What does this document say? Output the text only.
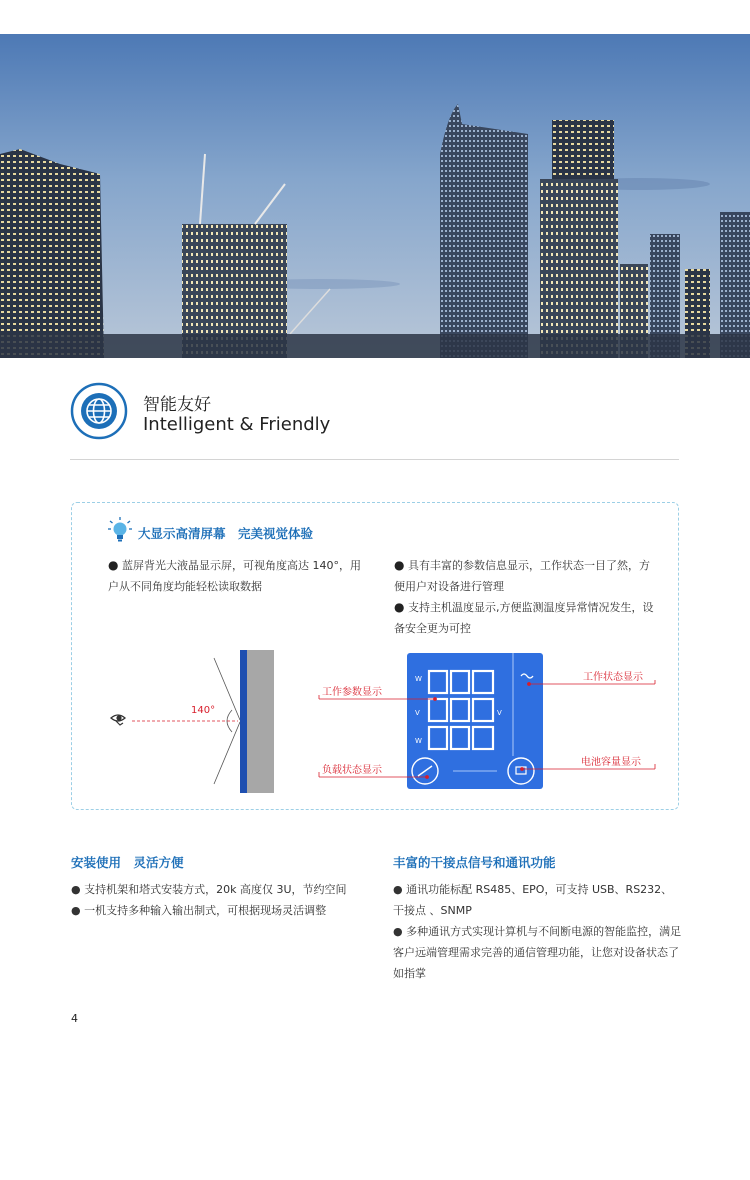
智能友好
Intelligent & Friendly
大显示高清屏幕　完美视觉体验
● 蓝屏背光大液晶显示屏，可视角度高达 140°，用户从不同角度均能轻松读取数据
● 具有丰富的参数信息显示，工作状态一目了然，方便用户对设备进行管理
● 支持主机温度显示,方便监测温度异常情况发生，设备安全更为可控
140°
W
V	V
W
工作参数显示
负载状态显示
工作状态显示
电池容量显示
安装使用　灵活方便
● 支持机架和塔式安装方式，20k 高度仅 3U，节约空间
● 一机支持多种输入输出制式，可根据现场灵活调整
丰富的干接点信号和通讯功能
● 通讯功能标配 RS485、EPO，可支持 USB、RS232、干接点 、SNMP
● 多种通讯方式实现计算机与不间断电源的智能监控，满足客户远端管理需求完善的通信管理功能，让您对设备状态了如指掌
4
